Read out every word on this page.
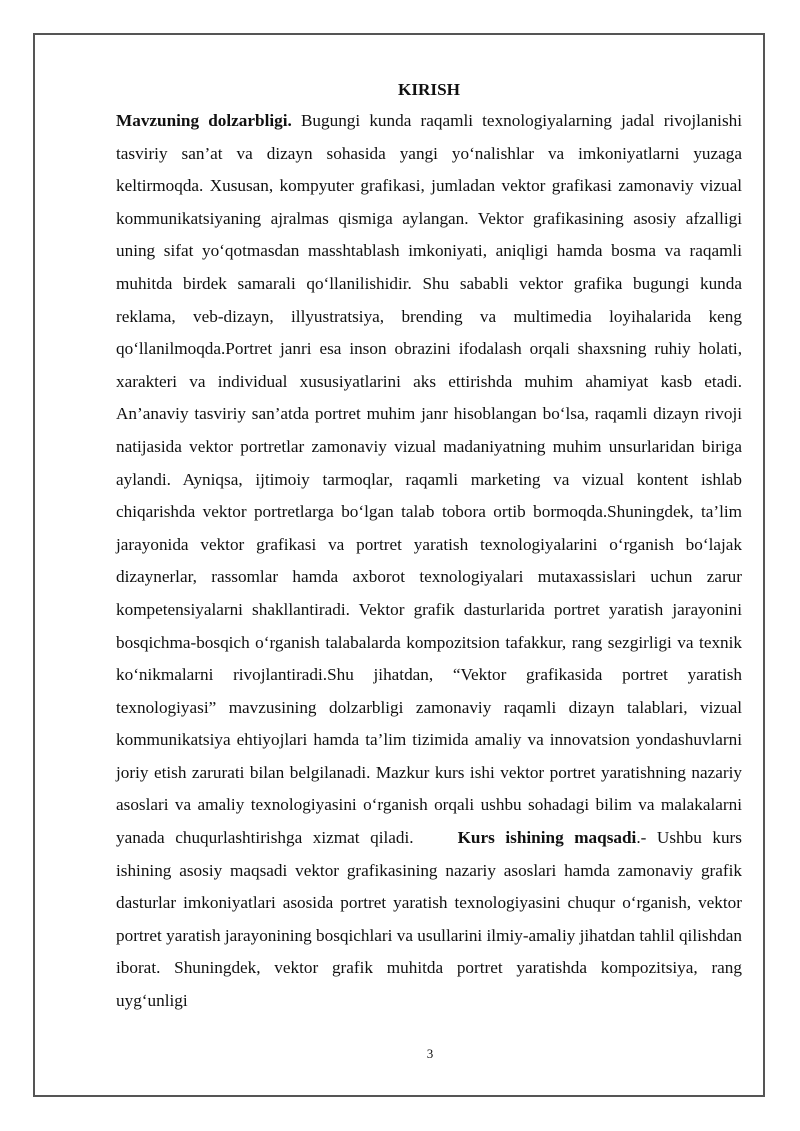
KIRISH

Mavzuning dolzarbligi. Bugungi kunda raqamli texnologiyalarning jadal rivojlanishi tasviriy san’at va dizayn sohasida yangi yo‘nalishlar va imkoniyatlarni yuzaga keltirmoqda. Xususan, kompyuter grafikasi, jumladan vektor grafikasi zamonaviy vizual kommunikatsiyaning ajralmas qismiga aylangan. Vektor grafikasining asosiy afzalligi uning sifat yo‘qotmasdan masshtablash imkoniyati, aniqligi hamda bosma va raqamli muhitda birdek samarali qo‘llanilishidir. Shu sababli vektor grafika bugungi kunda reklama, veb-dizayn, illyustratsiya, brending va multimedia loyihalarida keng qo‘llanilmoqda.Portret janri esa inson obrazini ifodalash orqali shaxsning ruhiy holati, xarakteri va individual xususiyatlarini aks ettirishda muhim ahamiyat kasb etadi. An’anaviy tasviriy san’atda portret muhim janr hisoblangan bo‘lsa, raqamli dizayn rivoji natijasida vektor portretlar zamonaviy vizual madaniyatning muhim unsurlaridan biriga aylandi. Ayniqsa, ijtimoiy tarmoqlar, raqamli marketing va vizual kontent ishlab chiqarishda vektor portretlarga bo‘lgan talab tobora ortib bormoqda.Shuningdek, ta’lim jarayonida vektor grafikasi va portret yaratish texnologiyalarini o‘rganish bo‘lajak dizaynerlar, rassomlar hamda axborot texnologiyalari mutaxassislari uchun zarur kompetensiyalarni shakllantiradi. Vektor grafik dasturlarida portret yaratish jarayonini bosqichma-bosqich o‘rganish talabalarda kompozitsion tafakkur, rang sezgirligi va texnik ko‘nikmalarni rivojlantiradi.Shu jihatdan, “Vektor grafikasida portret yaratish texnologiyasi” mavzusining dolzarbligi zamonaviy raqamli dizayn talablari, vizual kommunikatsiya ehtiyojlari hamda ta’lim tizimida amaliy va innovatsion yondashuvlarni joriy etish zarurati bilan belgilanadi. Mazkur kurs ishi vektor portret yaratishning nazariy asoslari va amaliy texnologiyasini o‘rganish orqali ushbu sohadagi bilim va malakalarni yanada chuqurlashtirishga xizmat qiladi.	Kurs ishining maqsadi.- Ushbu kurs ishining asosiy maqsadi vektor grafikasining nazariy asoslari hamda zamonaviy grafik dasturlar imkoniyatlari asosida portret yaratish texnologiyasini chuqur o‘rganish, vektor portret yaratish jarayonining bosqichlari va usullarini ilmiy-amaliy jihatdan tahlil qilishdan iborat. Shuningdek, vektor grafik muhitda portret yaratishda kompozitsiya, rang uyg‘unligi

3
